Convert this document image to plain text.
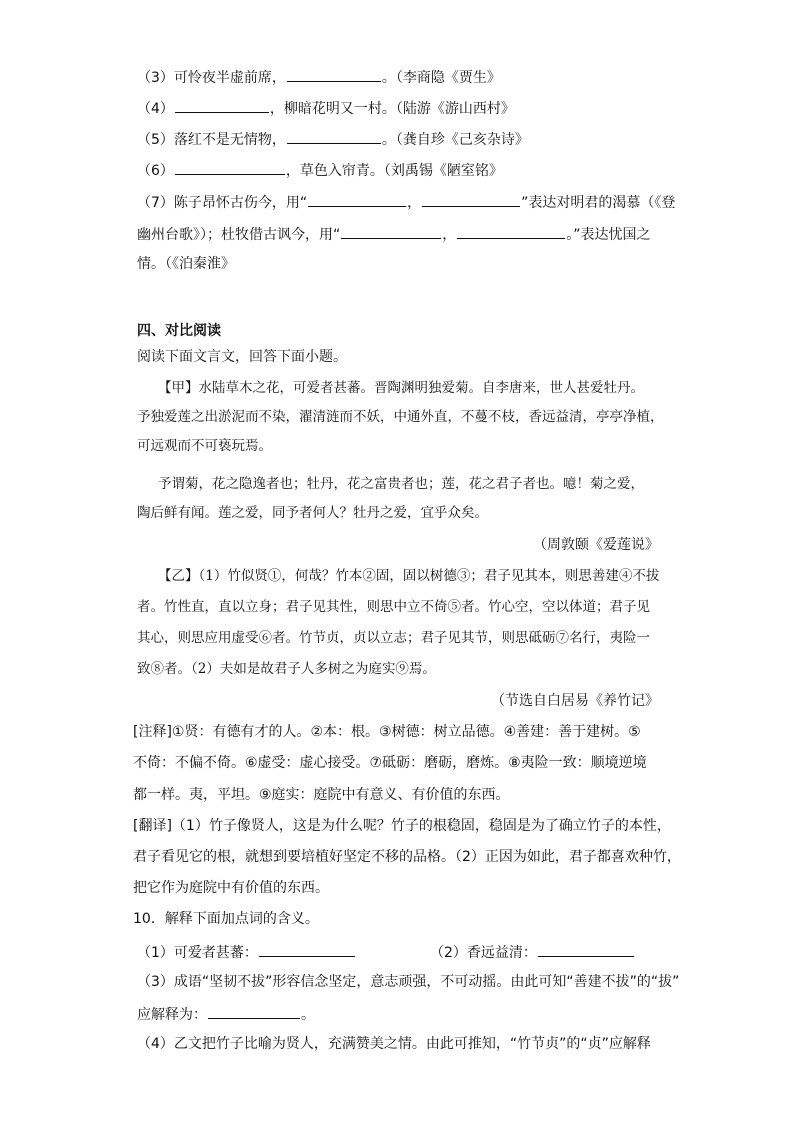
（3）可怜夜半虚前席，	。（李商隐《贾生》
（4）	，柳暗花明又一村。（陆游《游山西村》
（5）落红不是无情物，	。（龚自珍《己亥杂诗》
（6）	，草色入帘青。（刘禹锡《陋室铭》
（7）陈子昂怀古伤今，用“	，	”表达对明君的渴慕（《登
幽州台歌》）；杜牧借古讽今，用“	，	。”表达忧国之
情。（《泊秦淮》
四、对比阅读
阅读下面文言文，回答下面小题。
【甲】水陆草木之花，可爱者甚蕃。晋陶渊明独爱菊。自李唐来，世人甚爱牡丹。
予独爱莲之出淤泥而不染，濯清涟而不妖，中通外直，不蔓不枝，香远益清，亭亭净植，
可远观而不可亵玩焉。
予谓菊，花之隐逸者也；牡丹，花之富贵者也；莲，花之君子者也。噫！菊之爱，
陶后鲜有闻。莲之爱，同予者何人？牡丹之爱，宜乎众矣。
（周敦颐《爱莲说》
【乙】（1）竹似贤①，何哉？竹本②固，固以树德③；君子见其本，则思善建④不拔
者。竹性直，直以立身；君子见其性，则思中立不倚⑤者。竹心空，空以体道；君子见
其心，则思应用虚受⑥者。竹节贞，贞以立志；君子见其节，则思砥砺⑦名行，夷险一
致⑧者。（2）夫如是故君子人多树之为庭实⑨焉。
（节选自白居易《养竹记》
[注释]①贤：有德有才的人。②本：根。③树德：树立品德。④善建：善于建树。⑤
不倚：不偏不倚。⑥虚受：虚心接受。⑦砥砺：磨砺，磨炼。⑧夷险一致：顺境逆境
都一样。夷，平坦。⑨庭实：庭院中有意义、有价值的东西。
[翻译]（1）竹子像贤人，这是为什么呢？竹子的根稳固，稳固是为了确立竹子的本性，
君子看见它的根，就想到要培植好坚定不移的品格。（2）正因为如此，君子都喜欢种竹，
把它作为庭院中有价值的东西。
10．解释下面加点词的含义。
（1）可爱者甚蕃：	（2）香远益清：
（3）成语“坚韧不拔”形容信念坚定，意志顽强，不可动摇。由此可知“善建不拔”的“拔”
应解释为：	。
（4）乙文把竹子比喻为贤人，充满赞美之情。由此可推知，“竹节贞”的“贞”应解释
